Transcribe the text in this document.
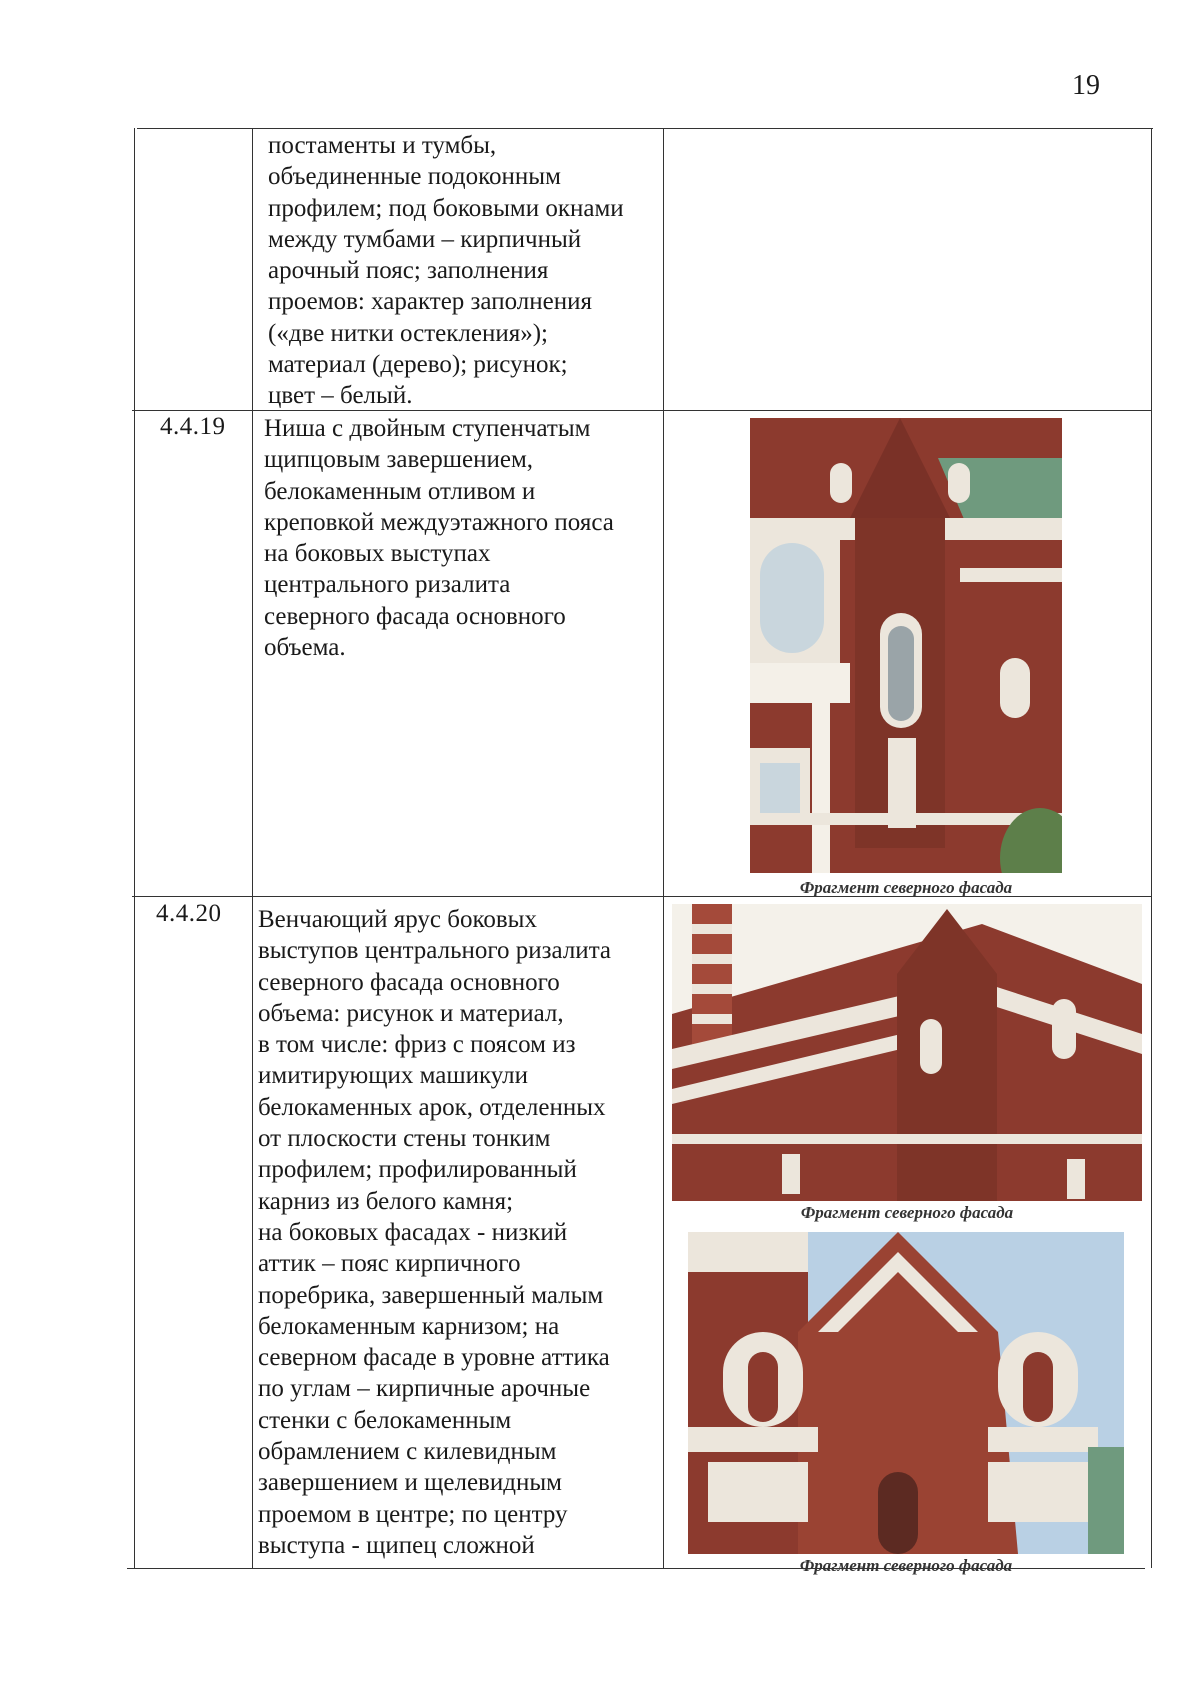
19
постаменты и тумбы,
объединенные подоконным
профилем; под боковыми окнами
между тумбами – кирпичный
арочный пояс; заполнения
проемов: характер заполнения
(«две нитки остекления»);
материал (дерево); рисунок;
цвет – белый.
4.4.19 Ниша с двойным ступенчатым
щипцовым завершением,
белокаменным отливом и
креповкой междуэтажного пояса
на боковых выступах
центрального ризалита
северного фасада основного
объема.
Фрагмент северного фасада
4.4.20 Венчающий ярус боковых
выступов центрального ризалита
северного фасада основного
объема: рисунок и материал,
в том числе: фриз с поясом из
имитирующих машикули
белокаменных арок, отделенных
от плоскости стены тонким
профилем; профилированный
карниз из белого камня;
на боковых фасадах - низкий
аттик – пояс кирпичного
поребрика, завершенный малым
белокаменным карнизом; на
северном фасаде в уровне аттика
по углам – кирпичные арочные
стенки с белокаменным
обрамлением с килевидным
завершением и щелевидным
проемом в центре; по центру
выступа - щипец сложной
Фрагмент северного фасада
Фрагмент северного фасада
